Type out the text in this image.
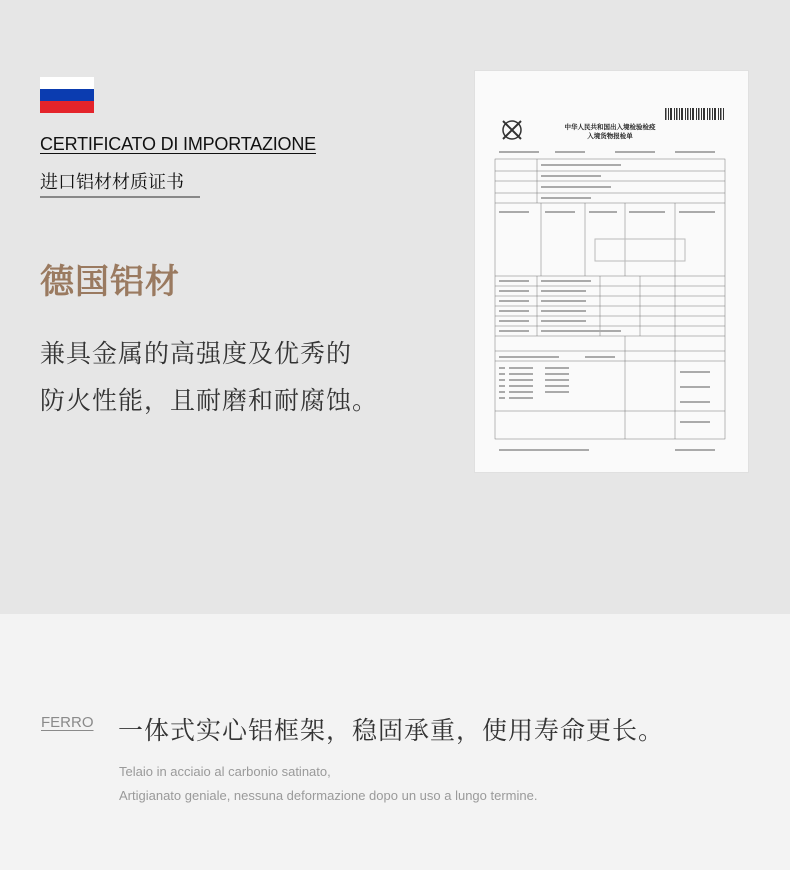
CERTIFICATO DI IMPORTAZIONE
进口铝材材质证书
德国铝材
兼具金属的高强度及优秀的
防火性能，且耐磨和耐腐蚀。
中华人民共和国出入境检验检疫
入境货物报检单
FERRO 一体式实心铝框架，稳固承重，使用寿命更长。
Telaio in acciaio al carbonio satinato,
Artigianato geniale, nessuna deformazione dopo un uso a lungo termine.
